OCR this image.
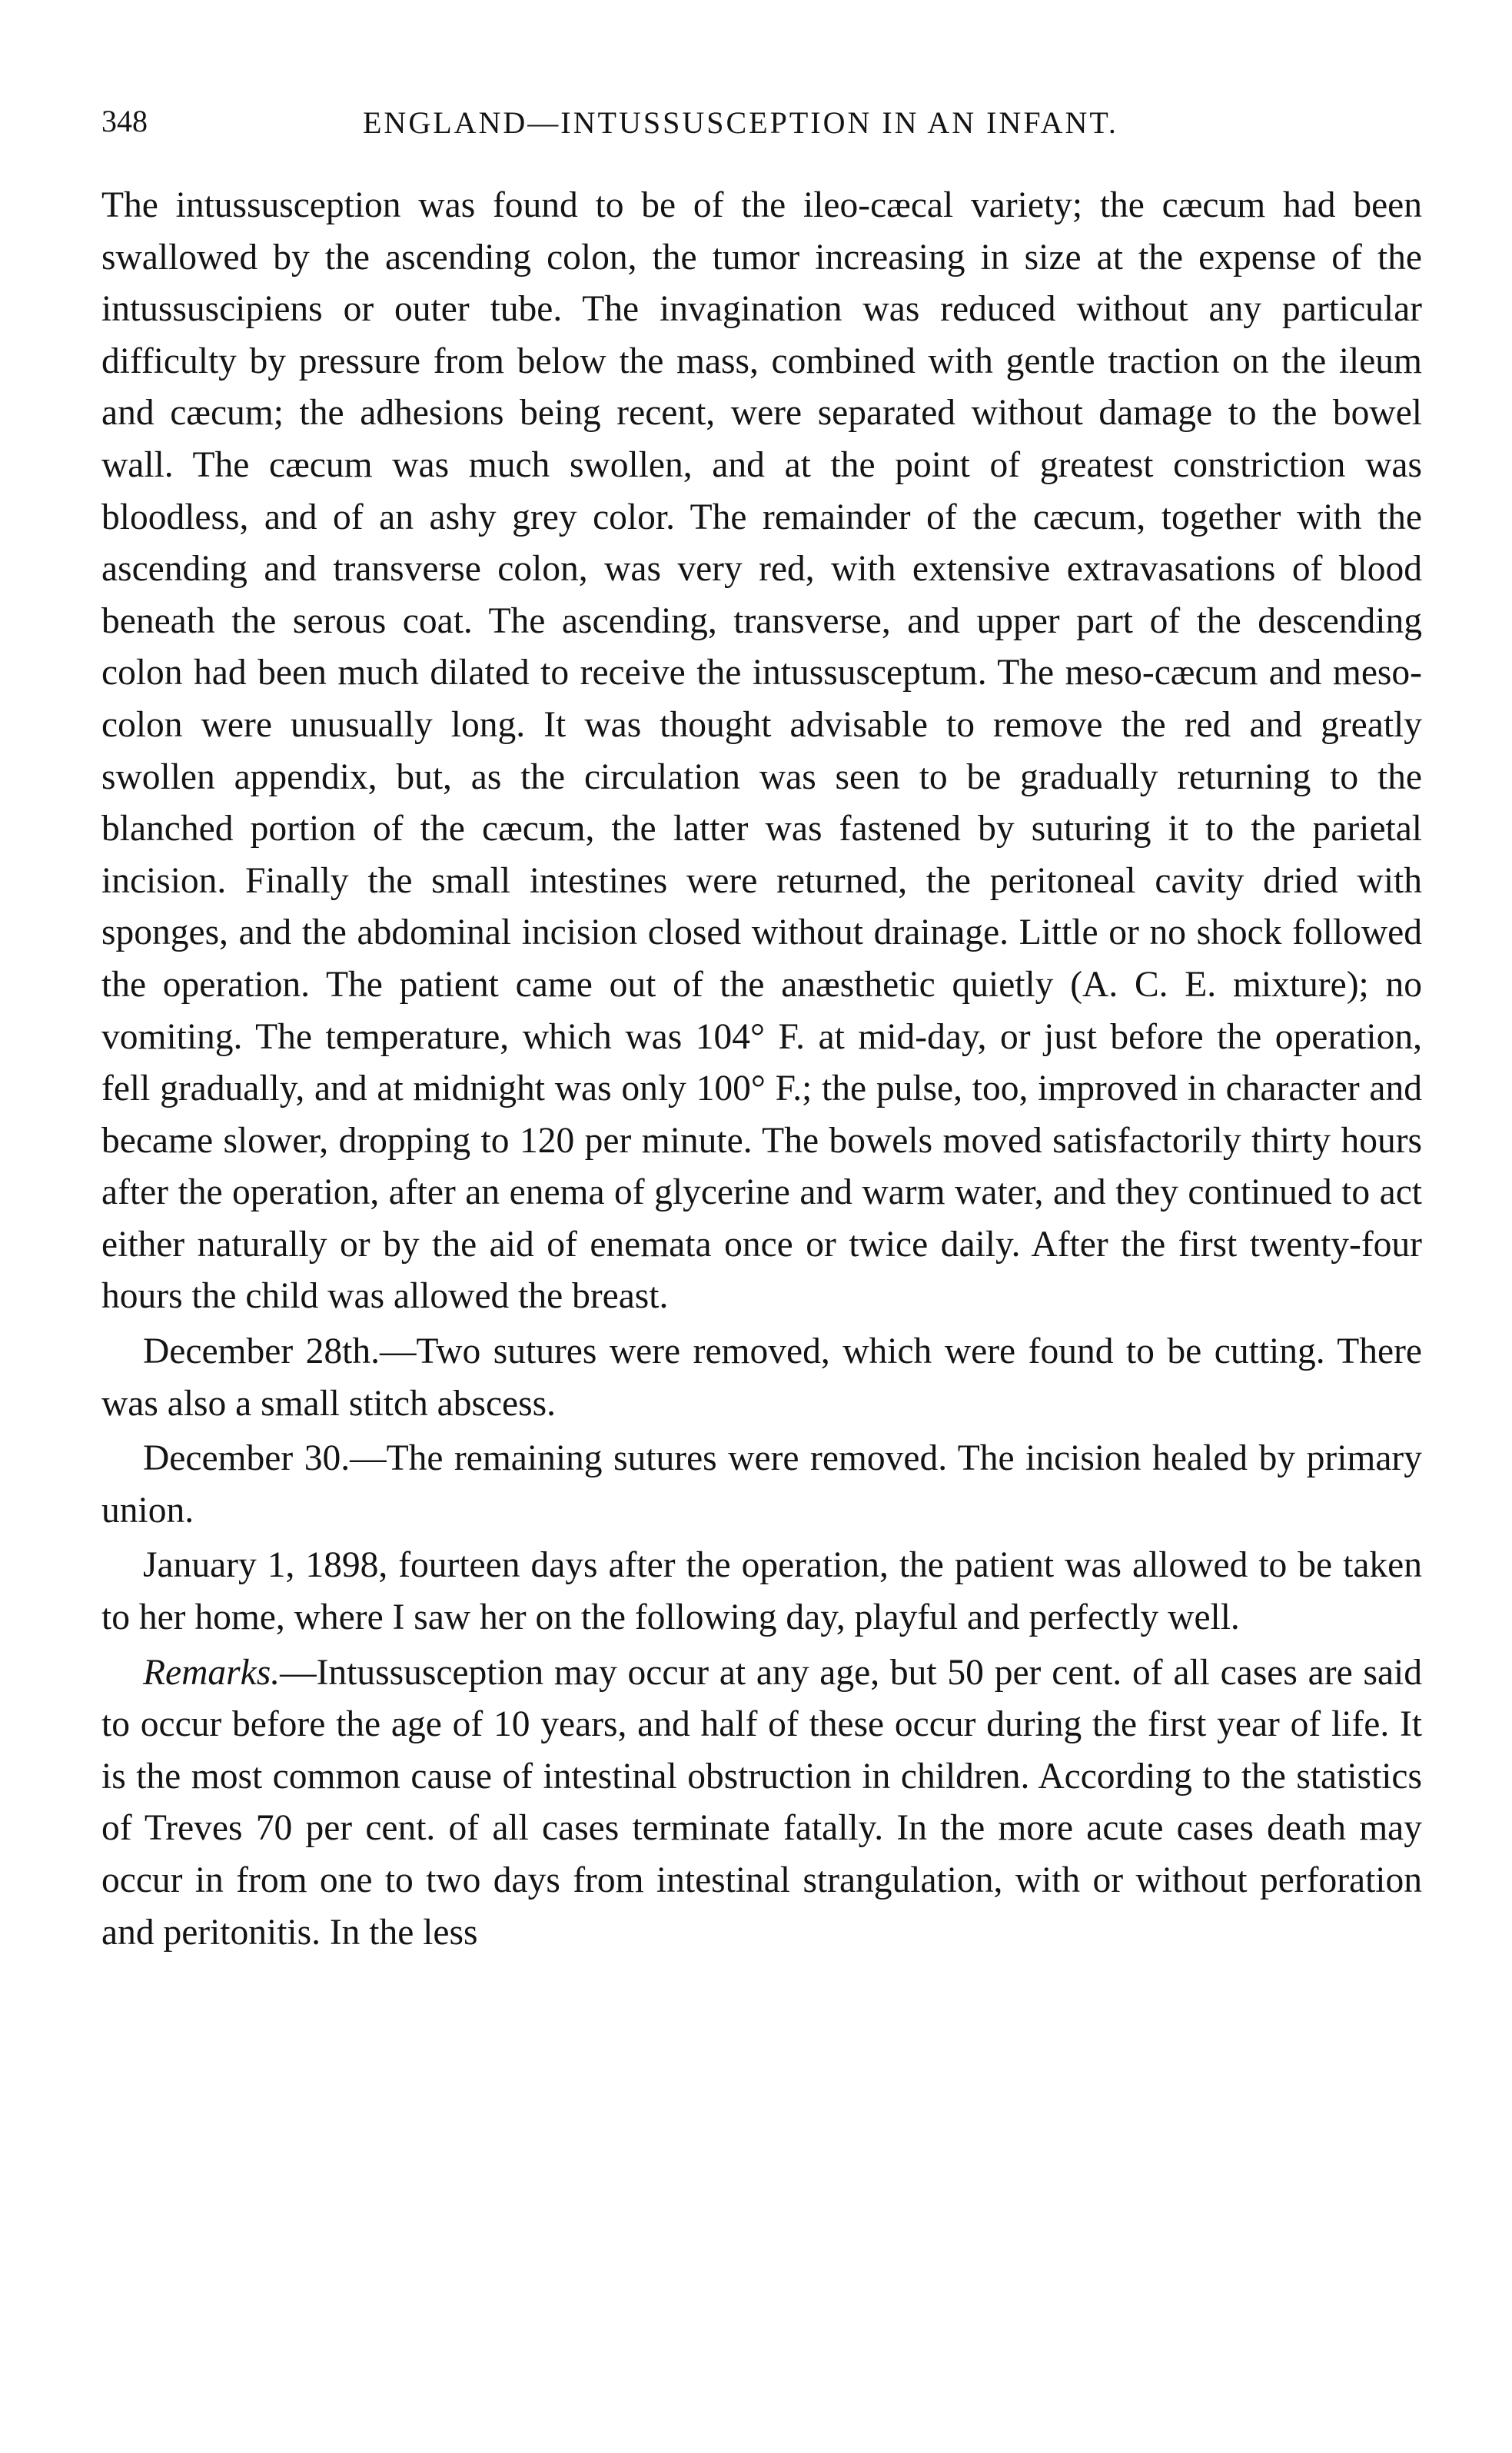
348	ENGLAND—INTUSSUSCEPTION IN AN INFANT.

The intussusception was found to be of the ileo-cæcal variety; the cæcum had been swallowed by the ascending colon, the tumor increasing in size at the expense of the intussuscipiens or outer tube. The invagination was reduced without any particular difficulty by pressure from below the mass, combined with gentle traction on the ileum and cæcum; the adhesions being recent, were separated without damage to the bowel wall. The cæcum was much swollen, and at the point of greatest constriction was bloodless, and of an ashy grey color. The remainder of the cæcum, together with the ascending and transverse colon, was very red, with extensive extravasations of blood beneath the serous coat. The ascending, transverse, and upper part of the descending colon had been much dilated to receive the intussusceptum. The meso-cæcum and meso-colon were unusually long. It was thought advisable to remove the red and greatly swollen appendix, but, as the circulation was seen to be gradually returning to the blanched portion of the cæcum, the latter was fastened by suturing it to the parietal incision. Finally the small intestines were returned, the peritoneal cavity dried with sponges, and the abdominal incision closed without drainage. Little or no shock followed the operation. The patient came out of the anæsthetic quietly (A. C. E. mixture); no vomiting. The temperature, which was 104° F. at mid-day, or just before the operation, fell gradually, and at midnight was only 100° F.; the pulse, too, improved in character and became slower, dropping to 120 per minute. The bowels moved satisfactorily thirty hours after the operation, after an enema of glycerine and warm water, and they continued to act either naturally or by the aid of enemata once or twice daily. After the first twenty-four hours the child was allowed the breast.

December 28th.—Two sutures were removed, which were found to be cutting. There was also a small stitch abscess.

December 30.—The remaining sutures were removed. The incision healed by primary union.

January 1, 1898, fourteen days after the operation, the patient was allowed to be taken to her home, where I saw her on the following day, playful and perfectly well.

Remarks.—Intussusception may occur at any age, but 50 per cent. of all cases are said to occur before the age of 10 years, and half of these occur during the first year of life. It is the most common cause of intestinal obstruction in children. According to the statistics of Treves 70 per cent. of all cases terminate fatally. In the more acute cases death may occur in from one to two days from intestinal strangulation, with or without perforation and peritonitis. In the less
